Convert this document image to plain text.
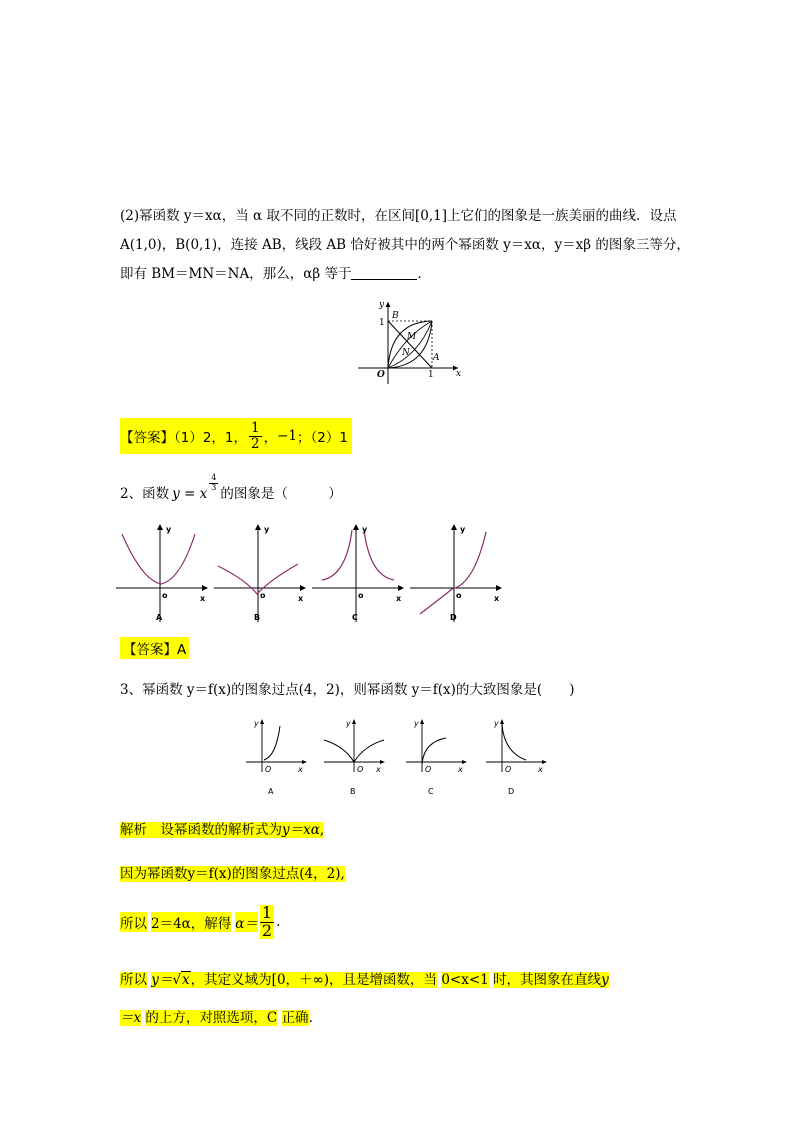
(2)幂函数 y＝xα，当 α 取不同的正数时，在区间[0,1]上它们的图象是一族美丽的曲线．设点
A(1,0)，B(0,1)，连接 AB，线段 AB 恰好被其中的两个幂函数 y＝xα，y＝xβ 的图象三等分，
即有 BM＝MN＝NA，那么，αβ 等于	．
y
1
B
M
N	A
O	1 x
【答案】（1）2，1， $\frac{1}{2}$ ， −1 ；（2）1
2、函数 y = x
$\frac{4}{3}$
的图象是（　　　）
y
o	x
A
y
o	x
B
y
o	x
C
y
o	x
D
【答案】A
3、幂函数 y＝f(x)的图象过点(4，2)，则幂函数 y＝f(x)的大致图象是(　　)
y
O	x
A
y
O x
B
y
O	x
C
y
O	x
D
解析　设幂函数的解析式为y＝xα,
因为幂函数y＝f(x)的图象过点(4，2),
所以 2＝4α ，解得 $\alpha= \frac{1}{2}$ .
所以 y＝√x，其定义域为[0，＋∞)，且是增函数，当 0<x<1 时，其图象在直线y
＝x 的上方，对照选项，C 正确.
